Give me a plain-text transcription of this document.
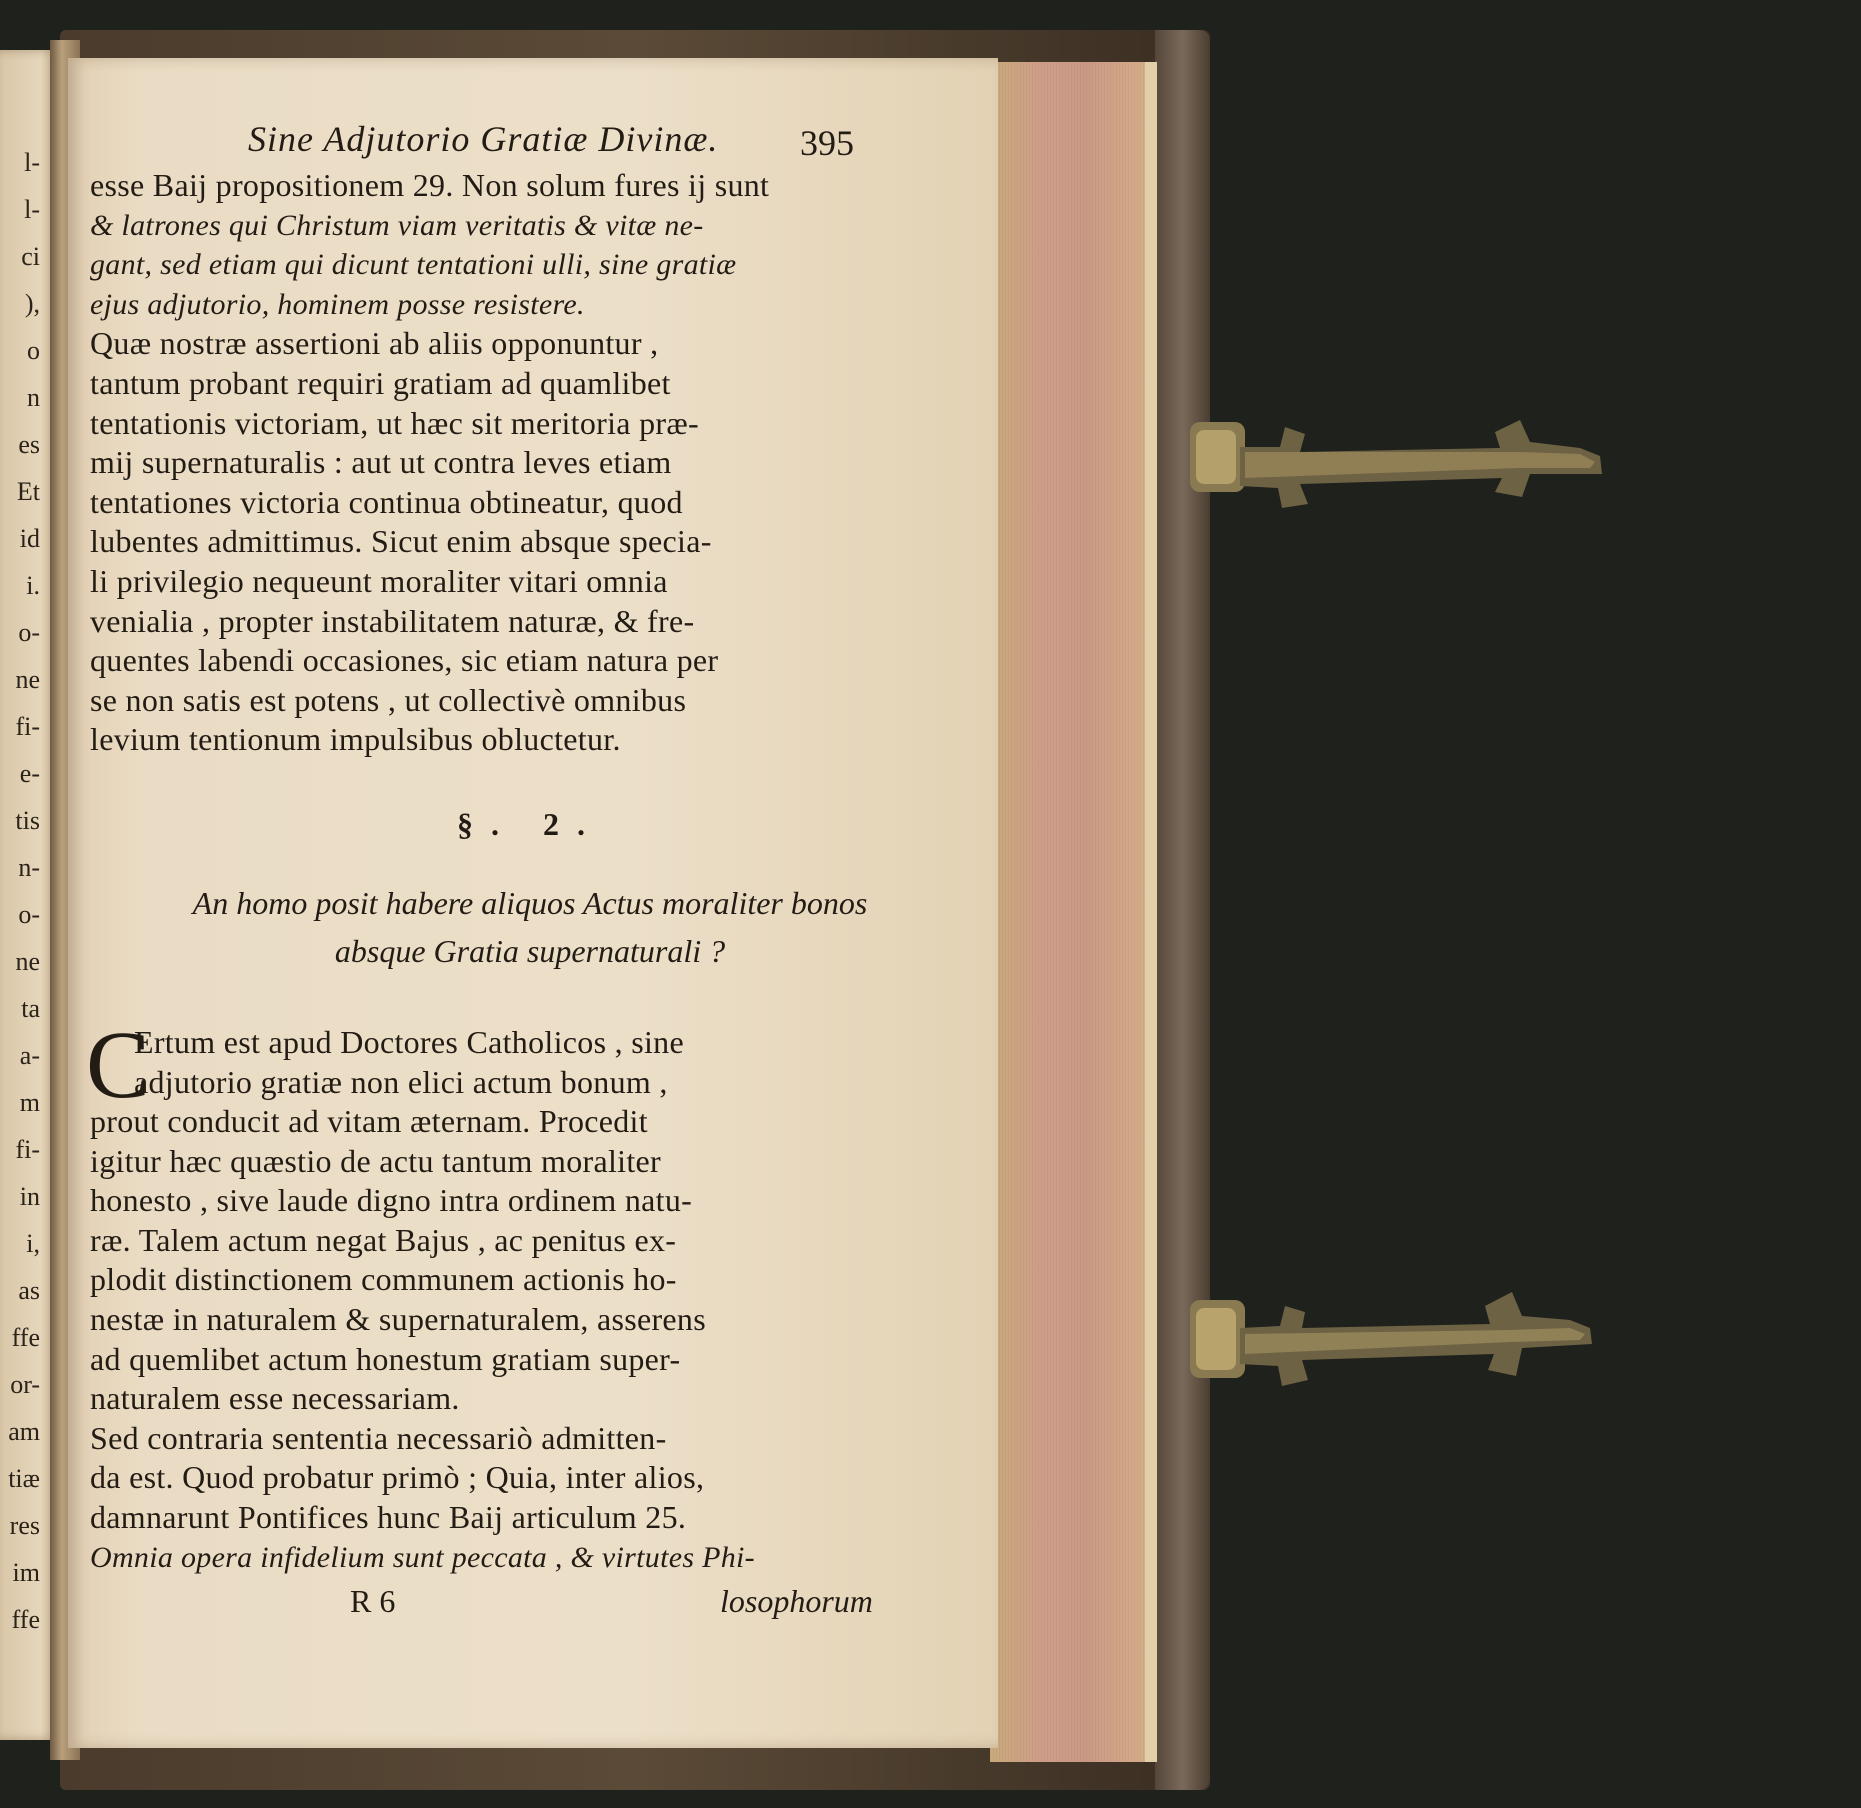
l-
l-
ci
),
o
n
es
Et
id
i.
o-
ne
fi-
e-
tis
n-
o-
ne
ta
a-
m
fi-
in
i,
as
ffe
or-
am
tiæ
res
im
ffe
Sine Adjutorio Gratiæ Divinæ. 395
esse Baij propositionem 29. Non solum fures ij sunt
& latrones qui Christum viam veritatis & vitæ ne-
gant, sed etiam qui dicunt tentationi ulli, sine gratiæ
ejus adjutorio, hominem posse resistere.
Quæ nostræ assertioni ab aliis opponuntur ,
tantum probant requiri gratiam ad quamlibet
tentationis victoriam, ut hæc sit meritoria præ-
mij supernaturalis : aut ut contra leves etiam
tentationes victoria continua obtineatur, quod
lubentes admittimus. Sicut enim absque specia-
li privilegio nequeunt moraliter vitari omnia
venialia , propter instabilitatem naturæ, & fre-
quentes labendi occasiones, sic etiam natura per
se non satis est potens , ut collectivè omnibus
levium tentionum impulsibus obluctetur.
§. 2.
An homo posit habere aliquos Actus moraliter bonos
absque Gratia supernaturali ?
C
Ertum est apud Doctores Catholicos , sine
adjutorio gratiæ non elici actum bonum ,
prout conducit ad vitam æternam. Procedit
igitur hæc quæstio de actu tantum moraliter
honesto , sive laude digno intra ordinem natu-
ræ. Talem actum negat Bajus , ac penitus ex-
plodit distinctionem communem actionis ho-
nestæ in naturalem & supernaturalem, asserens
ad quemlibet actum honestum gratiam super-
naturalem esse necessariam.
Sed contraria sententia necessariò admitten-
da est. Quod probatur primò ; Quia, inter alios,
damnarunt Pontifices hunc Baij articulum 25.
Omnia opera infidelium sunt peccata , & virtutes Phi-
R 6	losophorum
